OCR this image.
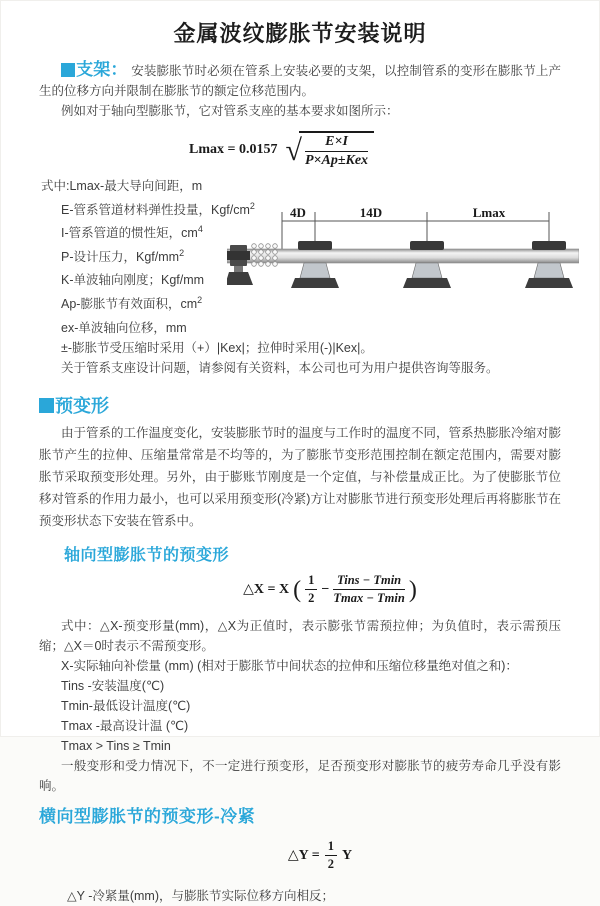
金属波纹膨胀节安装说明

支架： 安装膨胀节时必须在管系上安装必要的支架，以控制管系的变形在膨胀节上产生的位移方向并限制在膨胀节的额定位移范围内。

例如对于轴向型膨胀节，它对管系支座的基本要求如图所示：

Lmax = 0.0157 √ $\frac{E\times I}{\text{P×Ap±Kex}}$
式中:Lmax-最大导向间距，m
E-管系管道材料弹性投量，Kgf/$cm^2$
I-管系管道的惯性矩，$cm^4$
P-设计压力，Kgf/$mm^2$
K-单波轴向刚度；Kgf/mm
Ap-膨胀节有效面积，$cm^2$
ex-单波轴向位移，mm
4D	14D	Lmax

±-膨胀节受压缩时采用（+）|Kex|；拉伸时采用(-)|Kex|。

关于管系支座设计问题，请参阅有关资料，本公司也可为用户提供咨询等服务。

预变形

由于管系的工作温度变化，安装膨胀节时的温度与工作时的温度不同，管系热膨胀冷缩对膨胀节产生的拉伸、压缩量常常是不均等的，为了膨胀节变形范围控制在额定范围内，需要对膨胀节采取预变形处理。另外，由于膨账节刚度是一个定值，与补偿量成正比。为了使膨胀节位移对管系的作用力最小，也可以采用预变形(冷紧)方让对膨胀节进行预变形处理后再将膨胀节在预变形状态下安装在管系中。

轴向型膨胀节的预变形
△X = X ( $\frac{1}{2} - \frac{\text{Tins − Tmin}}{Tmax - Tmin}$ )

式中：△X-预变形量(mm)，△X为正值时，表示膨张节需预拉伸；为负值时，表示需预压缩；△X＝0时表示不需预变形。

X-实际轴向补偿量 (mm) (相对于膨胀节中间状态的拉伸和压缩位移量绝对值之和)：

Tins -安装温度(℃)

Tmin-最低设计温度(℃)

Tmax -最高设计温 (℃)

Tmax > Tins ≥ Tmin

一般变形和受力情况下，不一定进行预变形，足否预变形对膨胀节的疲劳寿命几乎没有影响。

横向型膨胀节的预变形-冷紧
△Y = $\frac{1}{2}$ Y

△Y -冷紧量(mm)，与膨胀节实际位移方向相反；
